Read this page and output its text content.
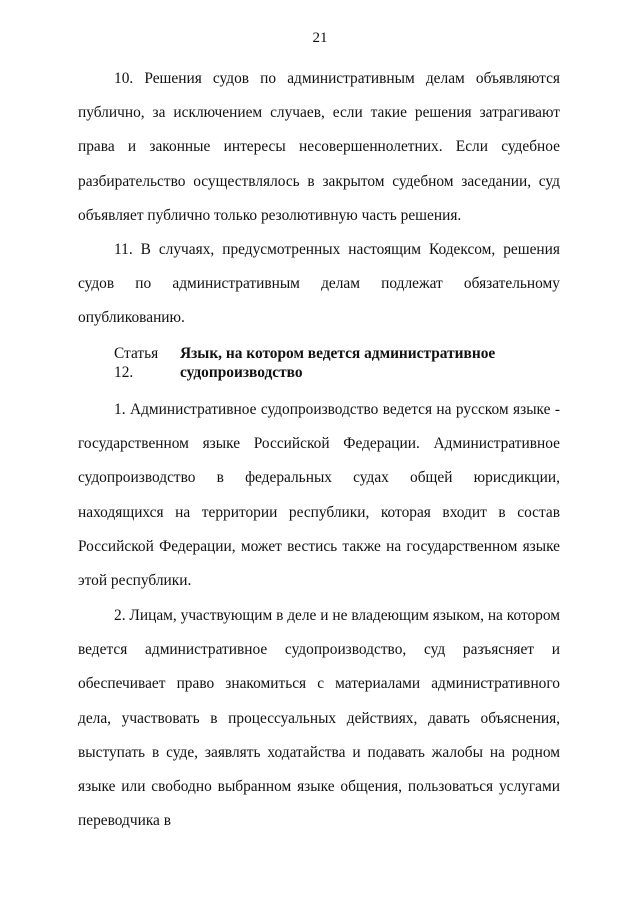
21

10. Решения судов по административным делам объявляются публично, за исключением случаев, если такие решения затрагивают права и законные интересы несовершеннолетних. Если судебное разбирательство осуществлялось в закрытом судебном заседании, суд объявляет публично только резолютивную часть решения.

11. В случаях, предусмотренных настоящим Кодексом, решения судов по административным делам подлежат обязательному опубликованию.

Статья 12.Язык, на котором ведется административное судопроизводство

1. Административное судопроизводство ведется на русском языке - государственном языке Российской Федерации. Административное судопроизводство в федеральных судах общей юрисдикции, находящихся на территории республики, которая входит в состав Российской Федерации, может вестись также на государственном языке этой республики.

2. Лицам, участвующим в деле и не владеющим языком, на котором ведется административное судопроизводство, суд разъясняет и обеспечивает право знакомиться с материалами административного дела, участвовать в процессуальных действиях, давать объяснения, выступать в суде, заявлять ходатайства и подавать жалобы на родном языке или свободно выбранном языке общения, пользоваться услугами переводчика в
